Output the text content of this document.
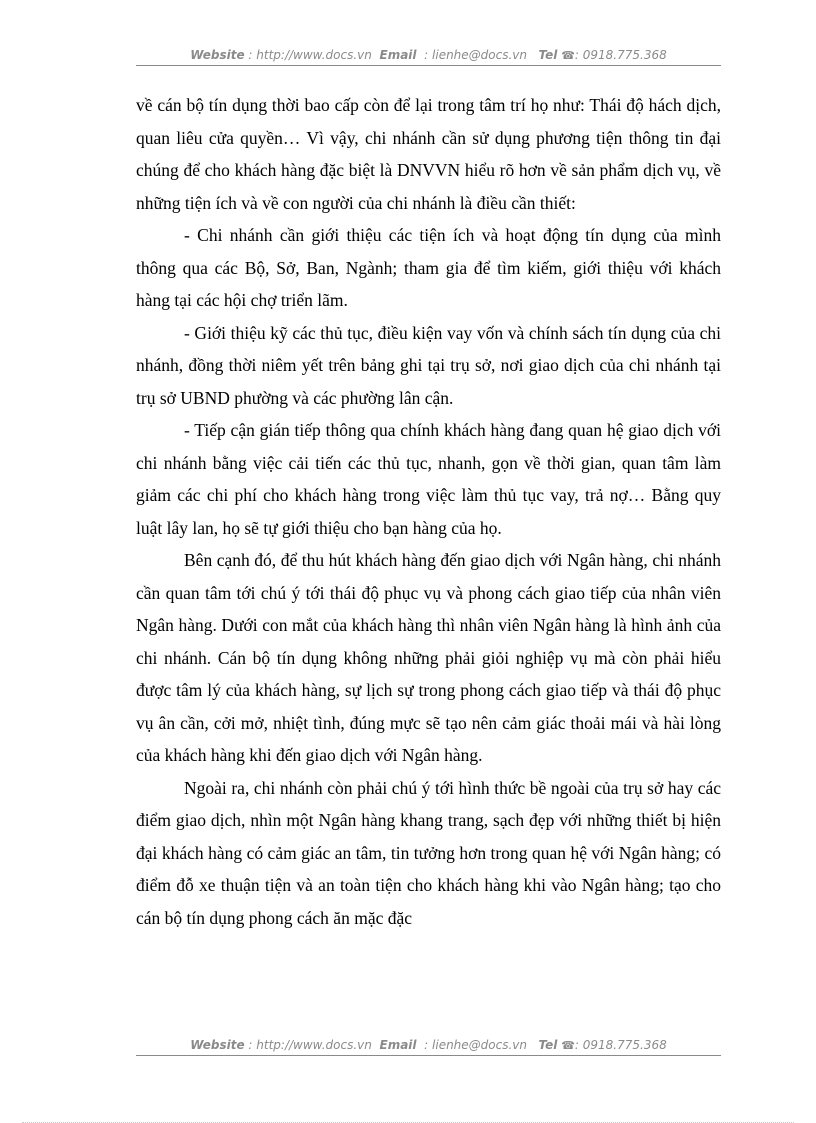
Website : http://www.docs.vn Email : lienhe@docs.vn Tel ☎: 0918.775.368

về cán bộ tín dụng thời bao cấp còn để lại trong tâm trí họ như: Thái độ hách dịch, quan liêu cửa quyền… Vì vậy, chi nhánh cần sử dụng phương tiện thông tin đại chúng để cho khách hàng đặc biệt là DNVVN hiểu rõ hơn về sản phẩm dịch vụ, về những tiện ích và về con người của chi nhánh là điều cần thiết:

- Chi nhánh cần giới thiệu các tiện ích và hoạt động tín dụng của mình thông qua các Bộ, Sở, Ban, Ngành; tham gia để tìm kiếm, giới thiệu với khách hàng tại các hội chợ triển lãm.

- Giới thiệu kỹ các thủ tục, điều kiện vay vốn và chính sách tín dụng của chi nhánh, đồng thời niêm yết trên bảng ghi tại trụ sở, nơi giao dịch của chi nhánh tại trụ sở UBND phường và các phường lân cận.

- Tiếp cận gián tiếp thông qua chính khách hàng đang quan hệ giao dịch với chi nhánh bằng việc cải tiến các thủ tục, nhanh, gọn về thời gian, quan tâm làm giảm các chi phí cho khách hàng trong việc làm thủ tục vay, trả nợ… Bằng quy luật lây lan, họ sẽ tự giới thiệu cho bạn hàng của họ.

Bên cạnh đó, để thu hút khách hàng đến giao dịch với Ngân hàng, chi nhánh cần quan tâm tới chú ý tới thái độ phục vụ và phong cách giao tiếp của nhân viên Ngân hàng. Dưới con mắt của khách hàng thì nhân viên Ngân hàng là hình ảnh của chi nhánh. Cán bộ tín dụng không những phải giỏi nghiệp vụ mà còn phải hiểu được tâm lý của khách hàng, sự lịch sự trong phong cách giao tiếp và thái độ phục vụ ân cần, cởi mở, nhiệt tình, đúng mực sẽ tạo nên cảm giác thoải mái và hài lòng của khách hàng khi đến giao dịch với Ngân hàng.

Ngoài ra, chi nhánh còn phải chú ý tới hình thức bề ngoài của trụ sở hay các điểm giao dịch, nhìn một Ngân hàng khang trang, sạch đẹp với những thiết bị hiện đại khách hàng có cảm giác an tâm, tin tưởng hơn trong quan hệ với Ngân hàng; có điểm đỗ xe thuận tiện và an toàn tiện cho khách hàng khi vào Ngân hàng; tạo cho cán bộ tín dụng phong cách ăn mặc đặc

Website : http://www.docs.vn Email : lienhe@docs.vn Tel ☎: 0918.775.368
